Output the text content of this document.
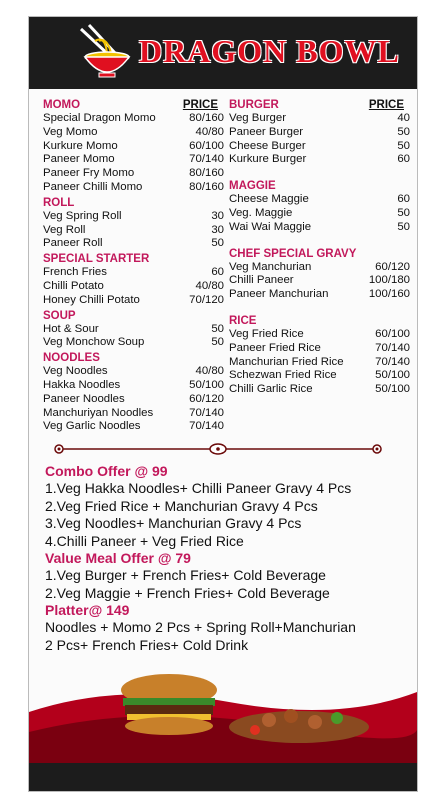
DRAGON BOWL
MOMO	PRICE
Special Dragon Momo	80/160
Veg Momo	40/80
Kurkure Momo	60/100
Paneer Momo	70/140
Paneer Fry Momo	80/160
Paneer Chilli Momo	80/160
ROLL
Veg Spring Roll	30
Veg Roll	30
Paneer Roll	50
SPECIAL STARTER
French Fries	60
Chilli Potato	40/80
Honey Chilli Potato	70/120
SOUP
Hot & Sour	50
Veg Monchow Soup	50
NOODLES
Veg Noodles	40/80
Hakka Noodles	50/100
Paneer Noodles	60/120
Manchuriyan Noodles	70/140
Veg Garlic Noodles	70/140
BURGER	PRICE
Veg Burger	40
Paneer Burger	50
Cheese Burger	50
Kurkure Burger	60
MAGGIE
Cheese Maggie	60
Veg. Maggie	50
Wai Wai Maggie	50
CHEF SPECIAL GRAVY
Veg Manchurian	60/120
Chilli Paneer	100/180
Paneer Manchurian	100/160
RICE
Veg Fried Rice	60/100
Paneer Fried Rice	70/140
Manchurian Fried Rice	70/140
Schezwan Fried Rice	50/100
Chilli Garlic Rice	50/100
Combo Offer @ 99
1.Veg Hakka Noodles+ Chilli Paneer Gravy 4 Pcs
2.Veg Fried Rice + Manchurian Gravy 4 Pcs
3.Veg Noodles+ Manchurian Gravy 4 Pcs
4.Chilli Paneer + Veg Fried Rice
Value Meal Offer @ 79
1.Veg Burger + French Fries+ Cold Beverage
2.Veg Maggie + French Fries+ Cold Beverage
Platter@ 149
Noodles + Momo 2 Pcs + Spring Roll+Manchurian
2 Pcs+ French Fries+ Cold Drink
